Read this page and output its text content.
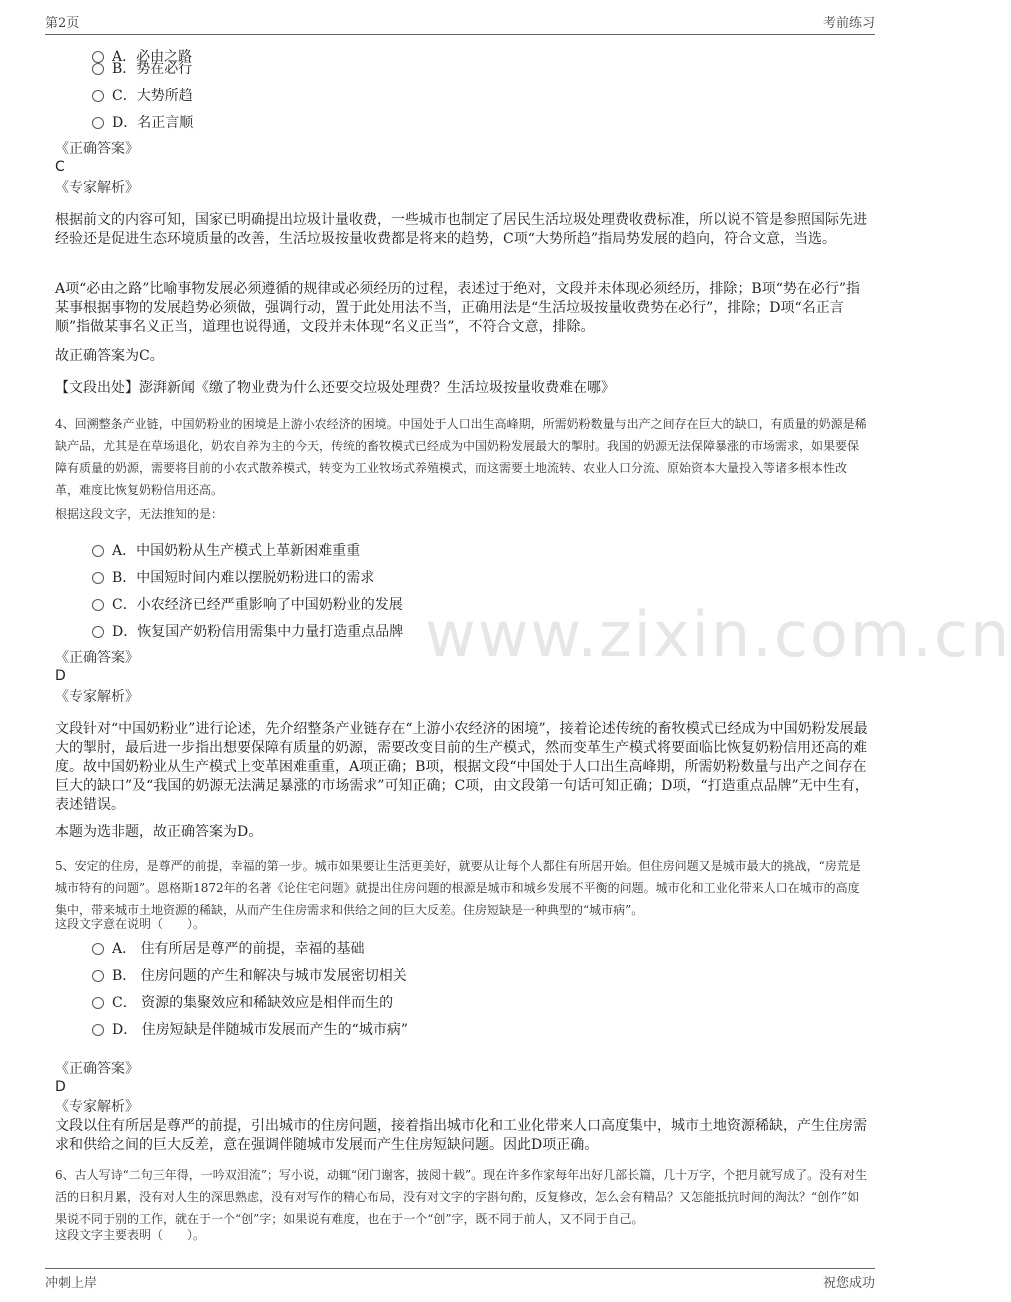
第2页	考前练习
www.zixin.com.cn
A．必由之路
B．势在必行
C．大势所趋
D．名正言顺
《正确答案》
C
《专家解析》
根据前文的内容可知，国家已明确提出垃圾计量收费，一些城市也制定了居民生活垃圾处理费收费标准，所以说不管是参照国际先进经验还是促进生态环境质量的改善，生活垃圾按量收费都是将来的趋势，C项“大势所趋”指局势发展的趋向，符合文意，当选。
A项“必由之路”比喻事物发展必须遵循的规律或必须经历的过程，表述过于绝对，文段并未体现必须经历，排除；B项“势在必行”指某事根据事物的发展趋势必须做，强调行动，置于此处用法不当，正确用法是“生活垃圾按量收费势在必行”，排除；D项“名正言顺”指做某事名义正当，道理也说得通，文段并未体现“名义正当”，不符合文意，排除。
故正确答案为C。
【文段出处】澎湃新闻《缴了物业费为什么还要交垃圾处理费？生活垃圾按量收费难在哪》
4、回溯整条产业链，中国奶粉业的困境是上游小农经济的困境。中国处于人口出生高峰期，所需奶粉数量与出产之间存在巨大的缺口，有质量的奶源是稀缺产品，尤其是在草场退化，奶农自养为主的今天，传统的畜牧模式已经成为中国奶粉发展最大的掣肘。我国的奶源无法保障暴涨的市场需求，如果要保障有质量的奶源，需要将目前的小农式散养模式，转变为工业牧场式养殖模式，而这需要土地流转、农业人口分流、原始资本大量投入等诸多根本性改革，难度比恢复奶粉信用还高。
根据这段文字，无法推知的是：
A．中国奶粉从生产模式上革新困难重重
B．中国短时间内难以摆脱奶粉进口的需求
C．小农经济已经严重影响了中国奶粉业的发展
D．恢复国产奶粉信用需集中力量打造重点品牌
《正确答案》
D
《专家解析》
文段针对“中国奶粉业”进行论述，先介绍整条产业链存在“上游小农经济的困境”，接着论述传统的畜牧模式已经成为中国奶粉发展最大的掣肘，最后进一步指出想要保障有质量的奶源，需要改变目前的生产模式，然而变革生产模式将要面临比恢复奶粉信用还高的难度。故中国奶粉业从生产模式上变革困难重重，A项正确；B项，根据文段“中国处于人口出生高峰期，所需奶粉数量与出产之间存在巨大的缺口”及“我国的奶源无法满足暴涨的市场需求”可知正确；C项，由文段第一句话可知正确；D项，“打造重点品牌”无中生有，表述错误。
本题为选非题，故正确答案为D。
5、安定的住房，是尊严的前提，幸福的第一步。城市如果要让生活更美好，就要从让每个人都住有所居开始。但住房问题又是城市最大的挑战，“房荒是城市特有的问题”。恩格斯1872年的名著《论住宅问题》就提出住房问题的根源是城市和城乡发展不平衡的问题。城市化和工业化带来人口在城市的高度集中，带来城市土地资源的稀缺，从而产生住房需求和供给之间的巨大反差。住房短缺是一种典型的“城市病”。
这段文字意在说明（　　）。
A． 住有所居是尊严的前提，幸福的基础
B． 住房问题的产生和解决与城市发展密切相关
C． 资源的集聚效应和稀缺效应是相伴而生的
D． 住房短缺是伴随城市发展而产生的“城市病”
《正确答案》
D
《专家解析》
文段以住有所居是尊严的前提，引出城市的住房问题，接着指出城市化和工业化带来人口高度集中，城市土地资源稀缺，产生住房需求和供给之间的巨大反差，意在强调伴随城市发展而产生住房短缺问题。因此D项正确。
6、古人写诗“二句三年得，一吟双泪流”；写小说，动辄“闭门谢客，披阅十载”。现在许多作家每年出好几部长篇，几十万字，个把月就写成了。没有对生活的日积月累，没有对人生的深思熟虑，没有对写作的精心布局，没有对文字的字斟句酌，反复修改，怎么会有精品？又怎能抵抗时间的淘汰？“创作”如果说不同于别的工作，就在于一个“创”字；如果说有难度，也在于一个“创”字，既不同于前人，又不同于自己。
这段文字主要表明（　　）。
冲刺上岸	祝您成功
